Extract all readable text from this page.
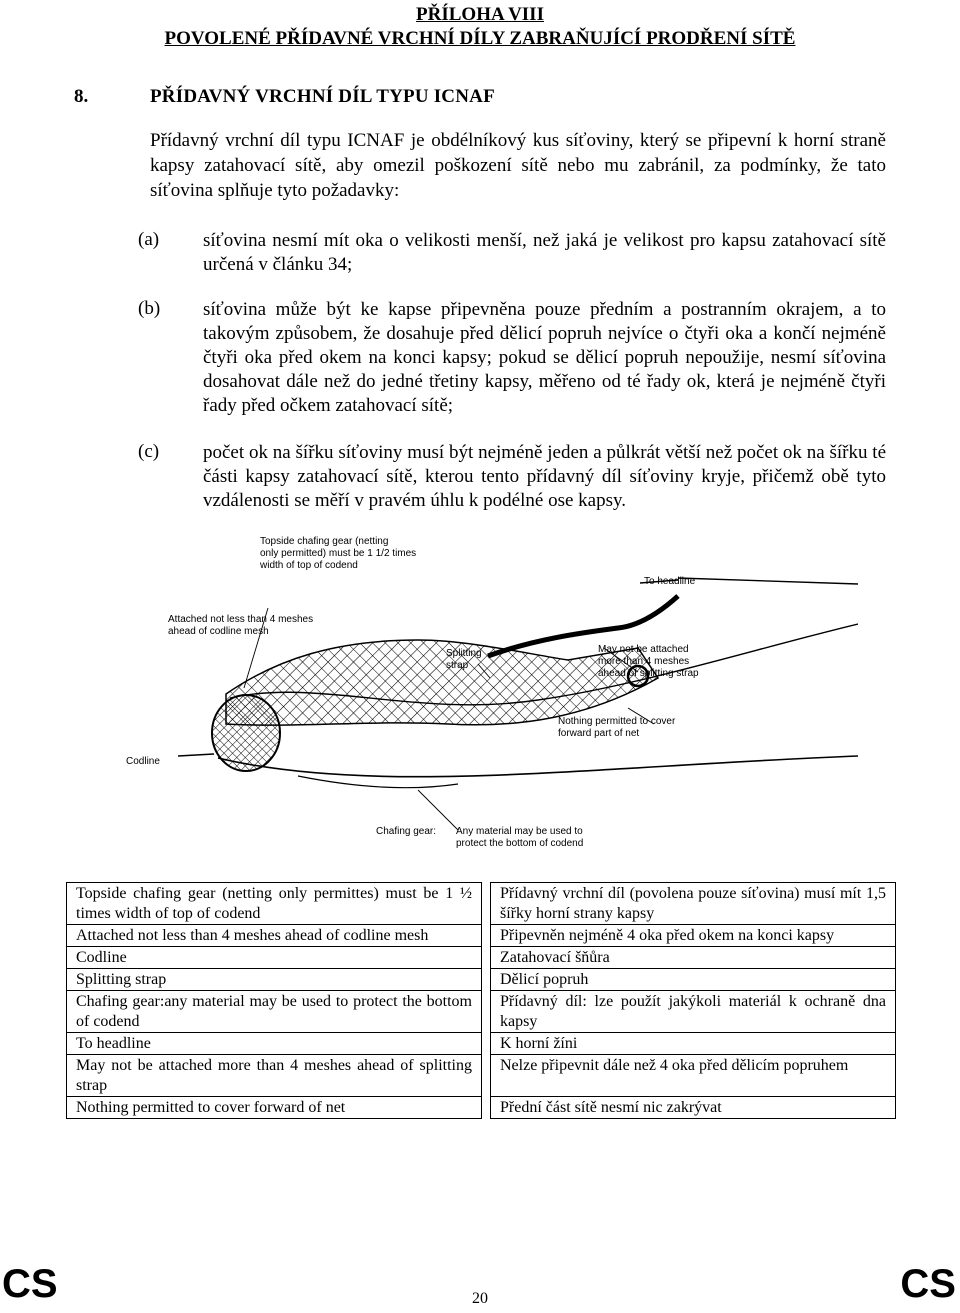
PŘÍLOHA VIII
POVOLENÉ PŘÍDAVNÉ VRCHNÍ DÍLY ZABRAŇUJÍCÍ PRODŘENÍ SÍTĚ
8.	PŘÍDAVNÝ VRCHNÍ DÍL TYPU ICNAF
Přídavný vrchní díl typu ICNAF je obdélníkový kus síťoviny, který se připevní k horní straně kapsy zatahovací sítě, aby omezil poškození sítě nebo mu zabránil, za podmínky, že tato síťovina splňuje tyto požadavky:
(a) síťovina nesmí mít oka o velikosti menší, než jaká je velikost pro kapsu zatahovací sítě určená v článku 34;
(b) síťovina může být ke kapse připevněna pouze předním a postranním okrajem, a to takovým způsobem, že dosahuje před dělicí popruh nejvíce o čtyři oka a končí nejméně čtyři oka před okem na konci kapsy; pokud se dělicí popruh nepoužije, nesmí síťovina dosahovat dále než do jedné třetiny kapsy, měřeno od té řady ok, která je nejméně čtyři řady před očkem zatahovací sítě;
(c) počet ok na šířku síťoviny musí být nejméně jeden a půlkrát větší než počet ok na šířku té části kapsy zatahovací sítě, kterou tento přídavný díl síťoviny kryje, přičemž obě tyto vzdálenosti se měří v pravém úhlu k podélné ose kapsy.
Topside chafing gear (netting
only permitted) must be 1 1/2 times
width of top of codend
To headline
Attached not less than 4 meshes
ahead of codline mesh
Splitting
strap
May not be attached
more than 4 meshes
ahead of splitting strap
Nothing permitted to cover
forward part of net
Codline
Chafing gear: Any material may be used to
protect the bottom of codend
Topside chafing gear (netting only permittes) must be 1 ½ times width of top of codend		Přídavný vrchní díl (povolena pouze síťovina) musí mít 1,5 šířky horní strany kapsy
Attached not less than 4 meshes ahead of codline mesh		Připevněn nejméně 4 oka před okem na konci kapsy
Codline		Zatahovací šňůra
Splitting strap		Dělicí popruh
Chafing gear:any material may be used to protect the bottom of codend		Přídavný díl: lze použít jakýkoli materiál k ochraně dna kapsy
To headline		K horní žíni
May not be attached more than 4 meshes ahead of splitting strap		Nelze připevnit dále než 4 oka před dělicím popruhem
Nothing permitted to cover forward of net		Přední část sítě nesmí nic zakrývat
CS	CS
20
